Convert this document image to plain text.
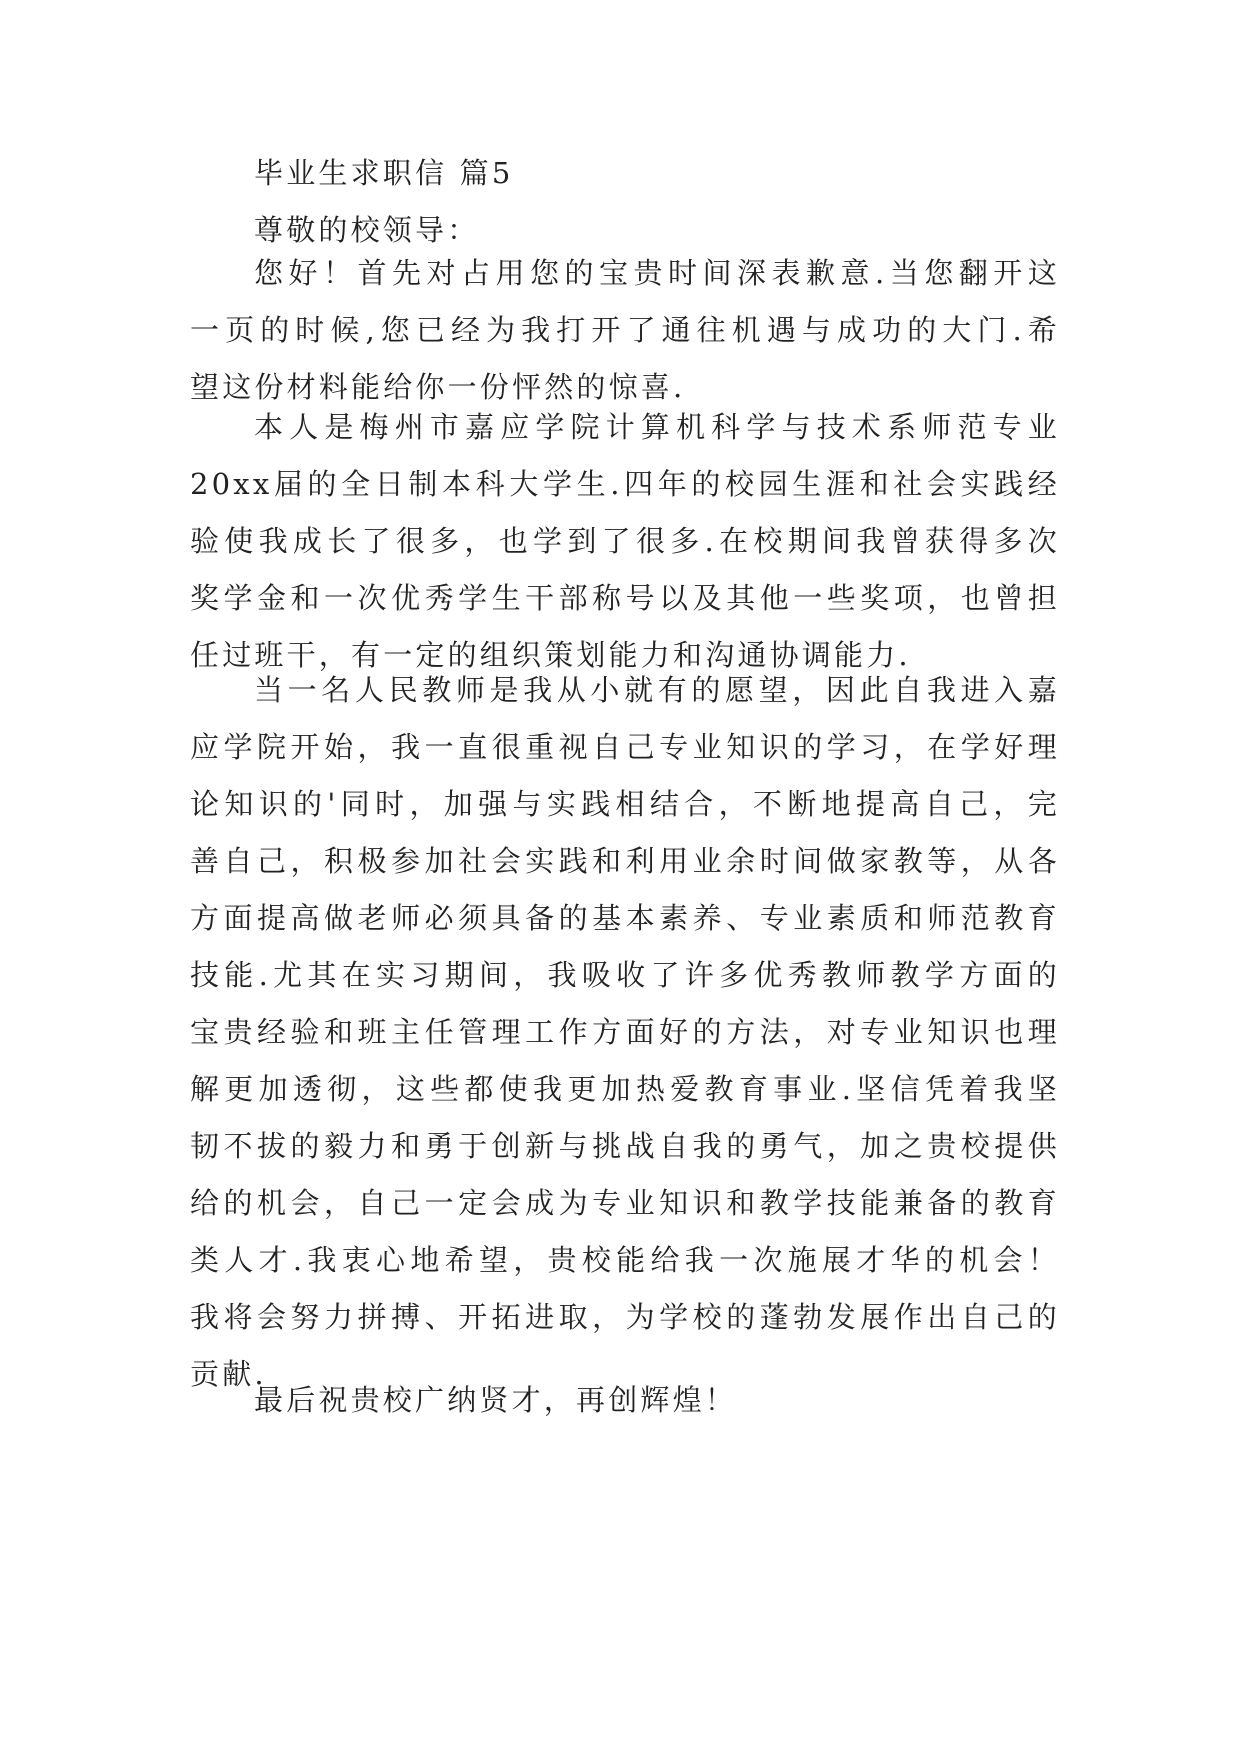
毕业生求职信 篇5
尊敬的校领导：
您好！首先对占用您的宝贵时间深表歉意.当您翻开这
一页的时候,您已经为我打开了通往机遇与成功的大门.希
望这份材料能给你一份怦然的惊喜.
本人是梅州市嘉应学院计算机科学与技术系师范专业
20xx届的全日制本科大学生.四年的校园生涯和社会实践经
验使我成长了很多，也学到了很多.在校期间我曾获得多次
奖学金和一次优秀学生干部称号以及其他一些奖项，也曾担
任过班干，有一定的组织策划能力和沟通协调能力.
当一名人民教师是我从小就有的愿望，因此自我进入嘉
应学院开始，我一直很重视自己专业知识的学习，在学好理
论知识的'同时，加强与实践相结合，不断地提高自己，完
善自己，积极参加社会实践和利用业余时间做家教等，从各
方面提高做老师必须具备的基本素养、专业素质和师范教育
技能.尤其在实习期间，我吸收了许多优秀教师教学方面的
宝贵经验和班主任管理工作方面好的方法，对专业知识也理
解更加透彻，这些都使我更加热爱教育事业.坚信凭着我坚
韧不拔的毅力和勇于创新与挑战自我的勇气，加之贵校提供
给的机会，自己一定会成为专业知识和教学技能兼备的教育
类人才.我衷心地希望，贵校能给我一次施展才华的机会！
我将会努力拼搏、开拓进取，为学校的蓬勃发展作出自己的
贡献.
最后祝贵校广纳贤才，再创辉煌！
